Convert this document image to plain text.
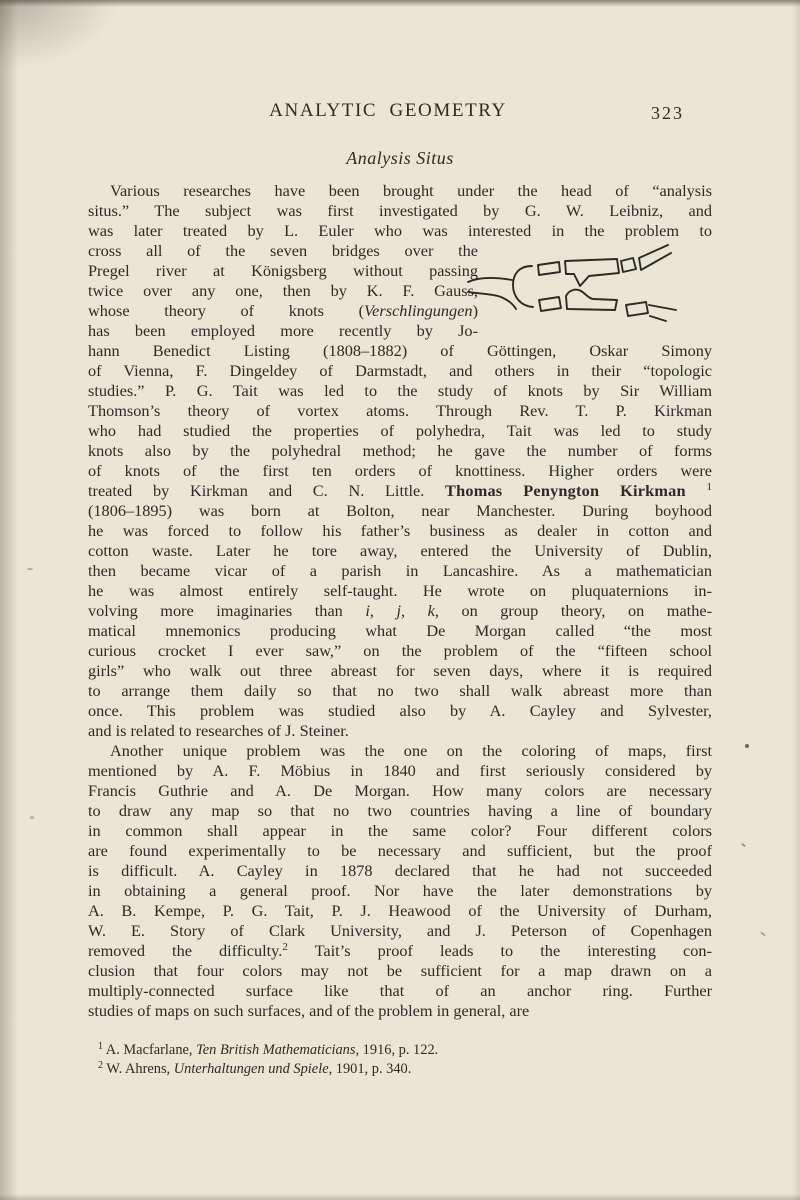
ANALYTIC GEOMETRY	323
Analysis Situs
Various researches have been brought under the head of “analysis
situs.” The subject was first investigated by G. W. Leibniz, and
was later treated by L. Euler who was interested in the problem to
cross all of the seven bridges over the
Pregel river at Königsberg without passing
twice over any one, then by K. F. Gauss,
whose theory of knots (Verschlingungen)
has been employed more recently by Jo-
hann Benedict Listing (1808–1882) of Göttingen, Oskar Simony
of Vienna, F. Dingeldey of Darmstadt, and others in their “topologic
studies.” P. G. Tait was led to the study of knots by Sir William
Thomson’s theory of vortex atoms. Through Rev. T. P. Kirkman
who had studied the properties of polyhedra, Tait was led to study
knots also by the polyhedral method; he gave the number of forms
of knots of the first ten orders of knottiness. Higher orders were
treated by Kirkman and C. N. Little. Thomas Penyngton Kirkman $^1$
(1806–1895) was born at Bolton, near Manchester. During boyhood
he was forced to follow his father’s business as dealer in cotton and
cotton waste. Later he tore away, entered the University of Dublin,
then became vicar of a parish in Lancashire. As a mathematician
he was almost entirely self-taught. He wrote on pluquaternions in-
volving more imaginaries than i, j, k, on group theory, on mathe-
matical mnemonics producing what De Morgan called “the most
curious crocket I ever saw,” on the problem of the “fifteen school
girls” who walk out three abreast for seven days, where it is required
to arrange them daily so that no two shall walk abreast more than
once. This problem was studied also by A. Cayley and Sylvester,
and is related to researches of J. Steiner.
Another unique problem was the one on the coloring of maps, first
mentioned by A. F. Möbius in 1840 and first seriously considered by
Francis Guthrie and A. De Morgan. How many colors are necessary
to draw any map so that no two countries having a line of boundary
in common shall appear in the same color? Four different colors
are found experimentally to be necessary and sufficient, but the proof
is difficult. A. Cayley in 1878 declared that he had not succeeded
in obtaining a general proof. Nor have the later demonstrations by
A. B. Kempe, P. G. Tait, P. J. Heawood of the University of Durham,
W. E. Story of Clark University, and J. Peterson of Copenhagen
removed the difficulty.$^2$ Tait’s proof leads to the interesting con-
clusion that four colors may not be sufficient for a map drawn on a
multiply-connected surface like that of an anchor ring. Further
studies of maps on such surfaces, and of the problem in general, are
$^1$ A. Macfarlane, Ten British Mathematicians, 1916, p. 122.
$^2$ W. Ahrens, Unterhaltungen und Spiele, 1901, p. 340.
